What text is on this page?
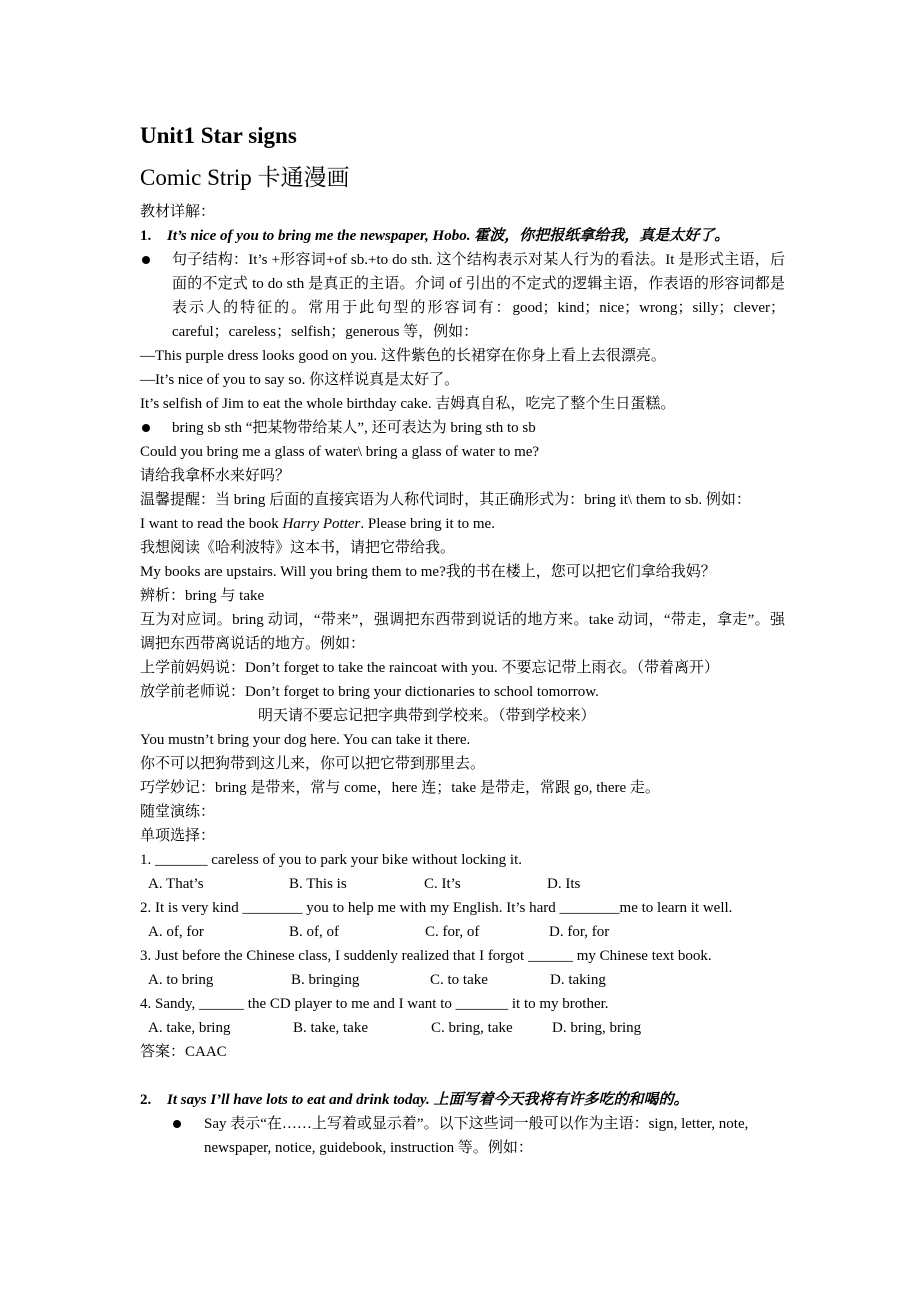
Unit1 Star signs
Comic Strip 卡通漫画

教材详解：

1. It’s nice of you to bring me the newspaper, Hobo. 霍波，你把报纸拿给我，真是太好了。

句子结构：It’s +形容词+of sb.+to do sth. 这个结构表示对某人行为的看法。It 是形式主语，后面的不定式 to do sth 是真正的主语。介词 of 引出的不定式的逻辑主语，作表语的形容词都是表示人的特征的。常用于此句型的形容词有：good；kind；nice；wrong；silly；clever；careful；careless；selfish；generous 等，例如：

—This purple dress looks good on you. 这件紫色的长裙穿在你身上看上去很漂亮。

—It’s nice of you to say so. 你这样说真是太好了。

It’s selfish of Jim to eat the whole birthday cake. 吉姆真自私，吃完了整个生日蛋糕。

bring sb sth “把某物带给某人”, 还可表达为 bring sth to sb

Could you bring me a glass of water\ bring a glass of water to me?

请给我拿杯水来好吗？

温馨提醒：当 bring 后面的直接宾语为人称代词时，其正确形式为：bring it\ them to sb. 例如：

I want to read the book Harry Potter. Please bring it to me.

我想阅读《哈利波特》这本书，请把它带给我。

My books are upstairs. Will you bring them to me?我的书在楼上，您可以把它们拿给我妈？

辨析：bring 与 take

互为对应词。bring 动词，“带来”，强调把东西带到说话的地方来。take 动词，“带走，拿走”。强调把东西带离说话的地方。例如：

上学前妈妈说：Don’t forget to take the raincoat with you. 不要忘记带上雨衣。（带着离开）

放学前老师说：Don’t forget to bring your dictionaries to school tomorrow.

明天请不要忘记把字典带到学校来。（带到学校来）

You mustn’t bring your dog here. You can take it there.

你不可以把狗带到这儿来，你可以把它带到那里去。

巧学妙记：bring 是带来，常与 come，here 连；take 是带走，常跟 go, there 走。

随堂演练：

单项选择：

1. _______ careless of you to park your bike without locking it.

A. That’s	B. This is	C. It’s	D. Its

2. It is very kind ________ you to help me with my English. It’s hard ________me to learn it well.

A. of, for	B. of, of	C. for, of	D. for, for

3. Just before the Chinese class, I suddenly realized that I forgot ______ my Chinese text book.

A. to bring	B. bringing	C. to take	D. taking

4. Sandy, ______ the CD player to me and I want to _______ it to my brother.

A. take, bring	B. take, take	C. bring, take	D. bring, bring

答案：CAAC

2. It says I’ll have lots to eat and drink today. 上面写着今天我将有许多吃的和喝的。

Say 表示“在……上写着或显示着”。以下这些词一般可以作为主语：sign, letter, note, newspaper, notice, guidebook, instruction 等。例如：
